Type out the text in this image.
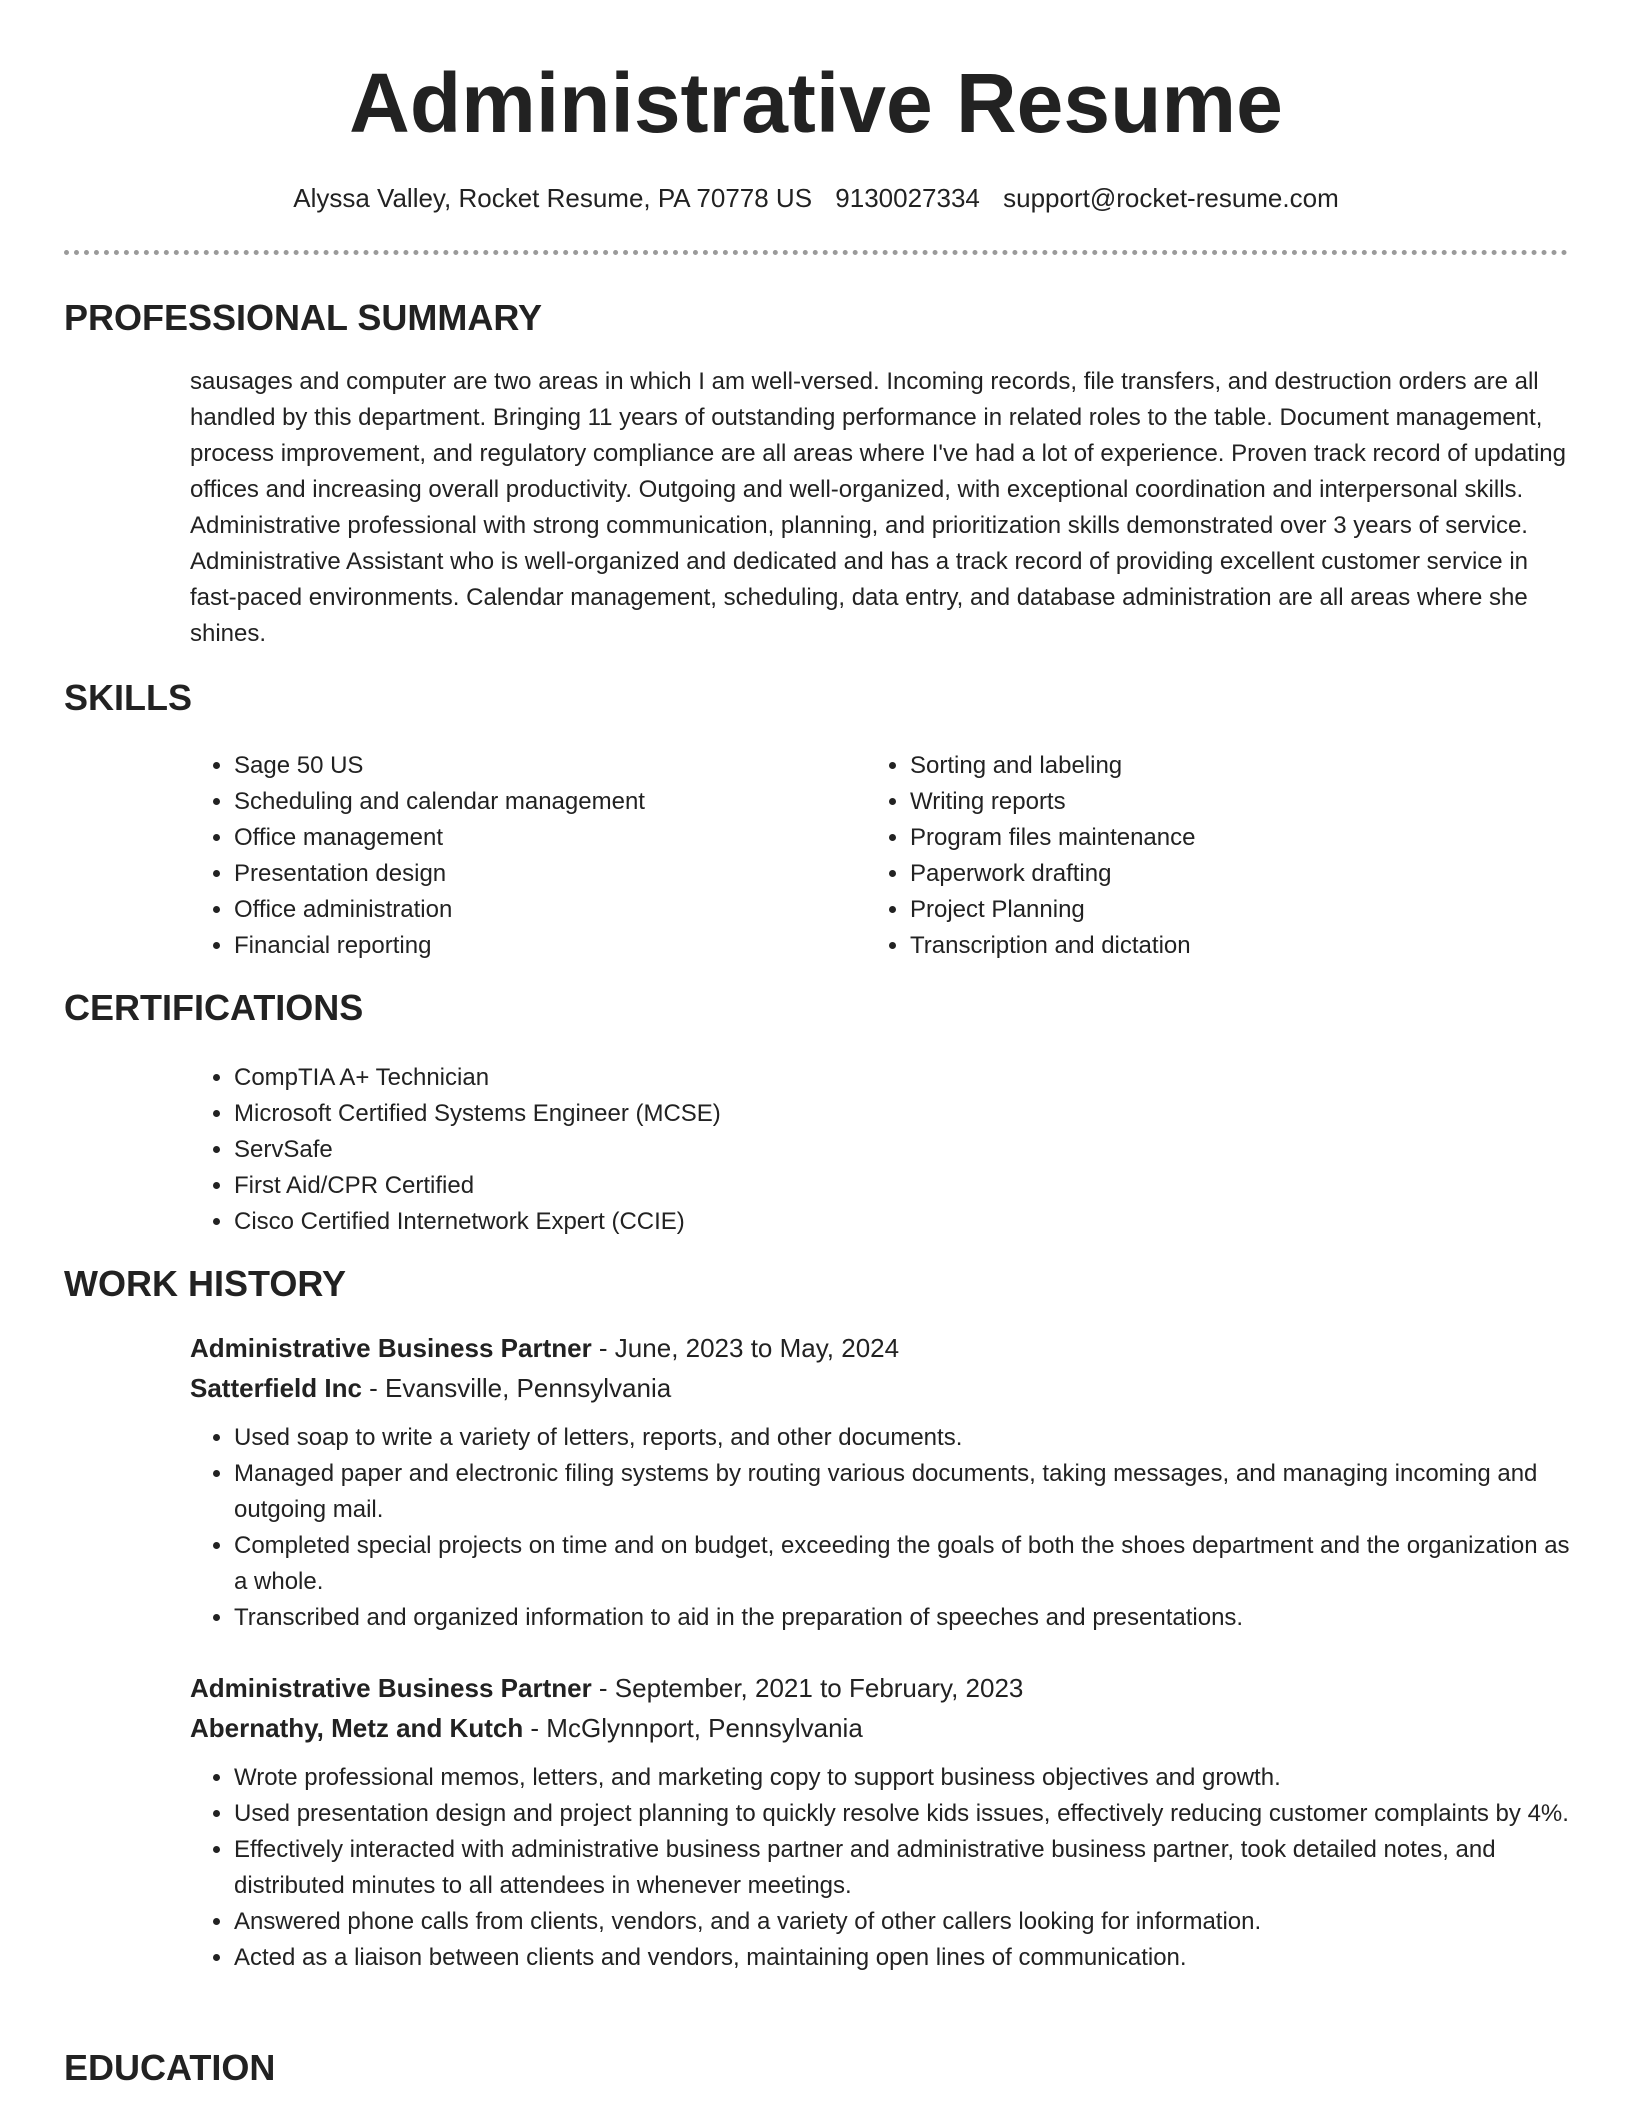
Administrative Resume
Alyssa Valley, Rocket Resume, PA 70778 US 9130027334 support@rocket-resume.com
PROFESSIONAL SUMMARY

sausages and computer are two areas in which I am well-versed. Incoming records, file transfers, and destruction orders are all handled by this department. Bringing 11 years of outstanding performance in related roles to the table. Document management, process improvement, and regulatory compliance are all areas where I've had a lot of experience. Proven track record of updating offices and increasing overall productivity. Outgoing and well-organized, with exceptional coordination and interpersonal skills. Administrative professional with strong communication, planning, and prioritization skills demonstrated over 3 years of service. Administrative Assistant who is well-organized and dedicated and has a track record of providing excellent customer service in fast-paced environments. Calendar management, scheduling, data entry, and database administration are all areas where she shines.

SKILLS
• Sage 50 US
• Scheduling and calendar management
• Office management
• Presentation design
• Office administration
• Financial reporting
• Sorting and labeling
• Writing reports
• Program files maintenance
• Paperwork drafting
• Project Planning
• Transcription and dictation
CERTIFICATIONS
• CompTIA A+ Technician
• Microsoft Certified Systems Engineer (MCSE)
• ServSafe
• First Aid/CPR Certified
• Cisco Certified Internetwork Expert (CCIE)
WORK HISTORY

Administrative Business Partner - June, 2023 to May, 2024

Satterfield Inc - Evansville, Pennsylvania

• Used soap to write a variety of letters, reports, and other documents.
• Managed paper and electronic filing systems by routing various documents, taking messages, and managing incoming and outgoing mail.
• Completed special projects on time and on budget, exceeding the goals of both the shoes department and the organization as a whole.
• Transcribed and organized information to aid in the preparation of speeches and presentations.

Administrative Business Partner - September, 2021 to February, 2023

Abernathy, Metz and Kutch - McGlynnport, Pennsylvania

• Wrote professional memos, letters, and marketing copy to support business objectives and growth.
• Used presentation design and project planning to quickly resolve kids issues, effectively reducing customer complaints by 4%.
• Effectively interacted with administrative business partner and administrative business partner, took detailed notes, and distributed minutes to all attendees in whenever meetings.
• Answered phone calls from clients, vendors, and a variety of other callers looking for information.
• Acted as a liaison between clients and vendors, maintaining open lines of communication.
EDUCATION
